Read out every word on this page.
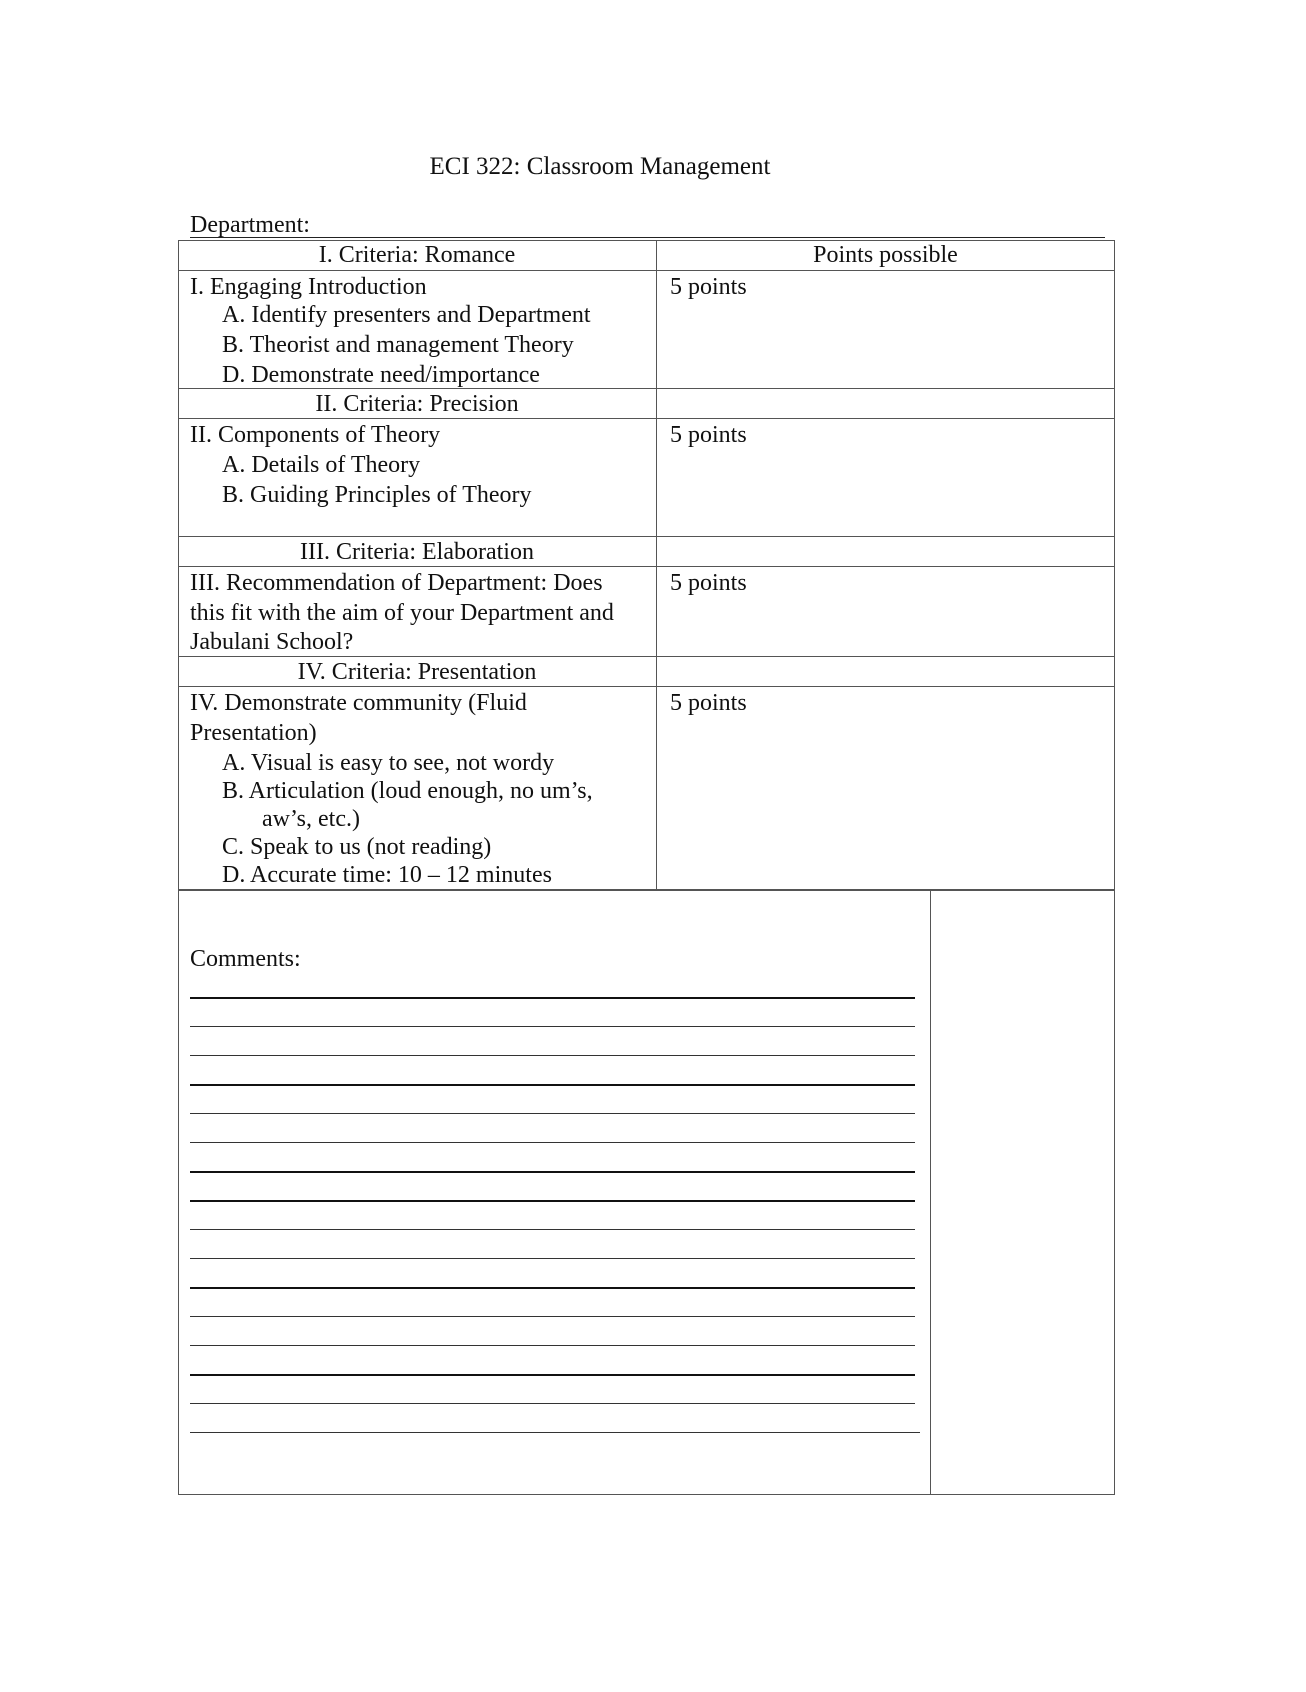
ECI 322: Classroom Management
Department:
I. Criteria: Romance	Points possible
I. Engaging Introduction
A. Identify presenters and Department
B. Theorist and management Theory
D. Demonstrate need/importance
5 points
II. Criteria: Precision
II. Components of Theory
A. Details of Theory
B. Guiding Principles of Theory
5 points
III. Criteria: Elaboration
III. Recommendation of Department: Does
this fit with the aim of your Department and
Jabulani School?
5 points
IV. Criteria: Presentation
IV. Demonstrate community (Fluid
Presentation)
A. Visual is easy to see, not wordy
B. Articulation (loud enough, no um’s,
aw’s, etc.)
C. Speak to us (not reading)
D. Accurate time: 10 – 12 minutes
5 points
Comments:
